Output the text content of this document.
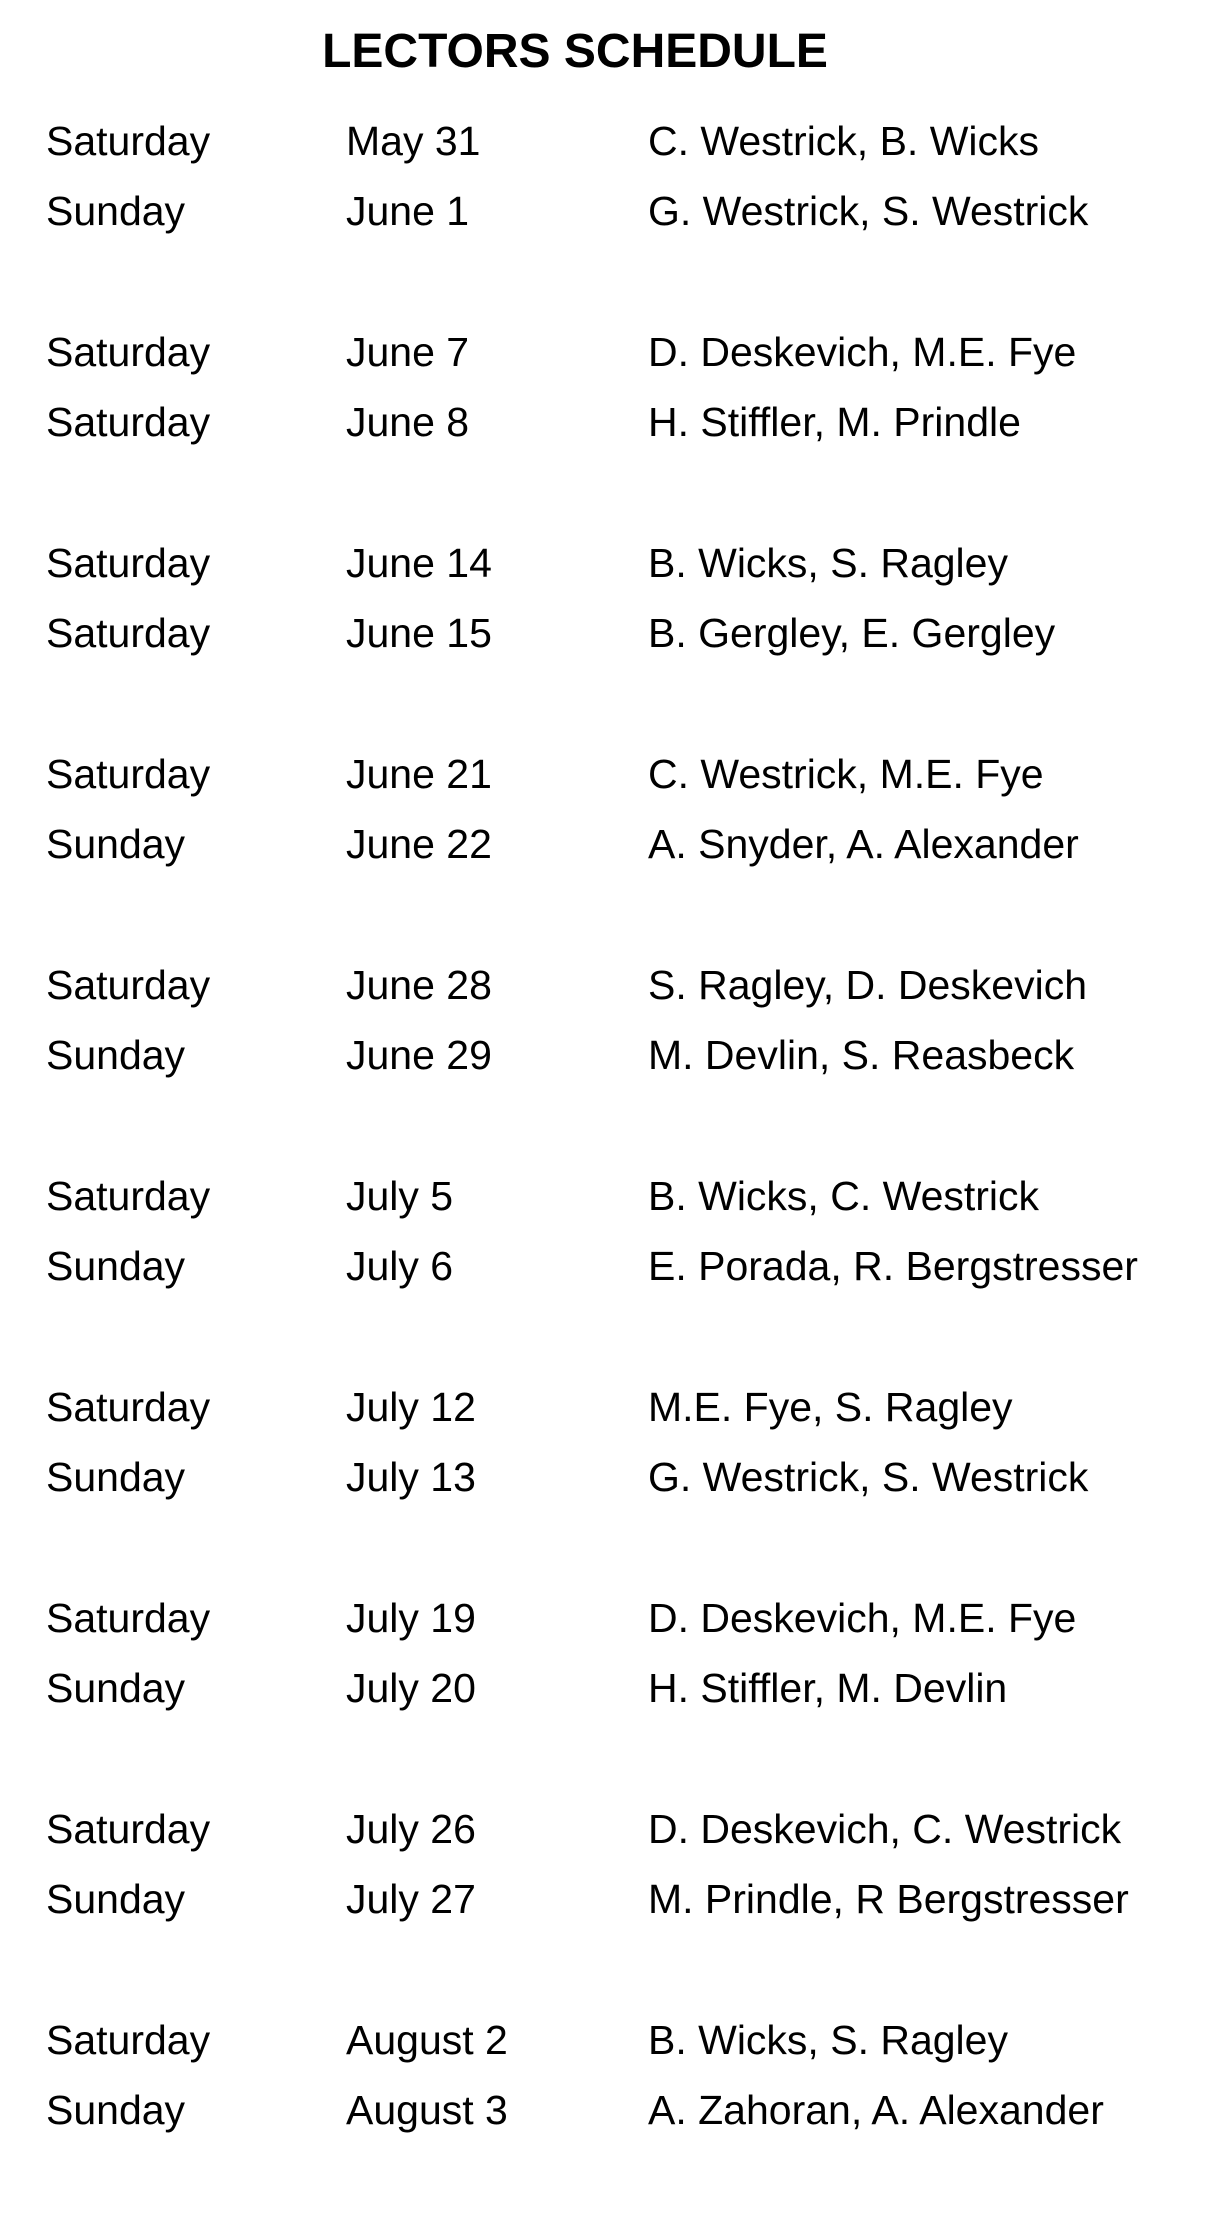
LECTORS SCHEDULE
Saturday	May 31	C. Westrick, B. Wicks
Sunday	June 1	G. Westrick, S. Westrick
Saturday	June 7	D. Deskevich, M.E. Fye
Saturday	June 8	H. Stiffler, M. Prindle
Saturday	June 14	B. Wicks, S. Ragley
Saturday	June 15	B. Gergley, E. Gergley
Saturday	June 21	C. Westrick, M.E. Fye
Sunday	June 22	A. Snyder, A. Alexander
Saturday	June 28	S. Ragley, D. Deskevich
Sunday	June 29	M. Devlin, S. Reasbeck
Saturday	July 5	B. Wicks, C. Westrick
Sunday	July 6	E. Porada, R. Bergstresser
Saturday	July 12	M.E. Fye, S. Ragley
Sunday	July 13	G. Westrick, S. Westrick
Saturday	July 19	D. Deskevich, M.E. Fye
Sunday	July 20	H. Stiffler, M. Devlin
Saturday	July 26	D. Deskevich, C. Westrick
Sunday	July 27	M. Prindle, R Bergstresser
Saturday	August 2	B. Wicks, S. Ragley
Sunday	August 3	A. Zahoran, A. Alexander
